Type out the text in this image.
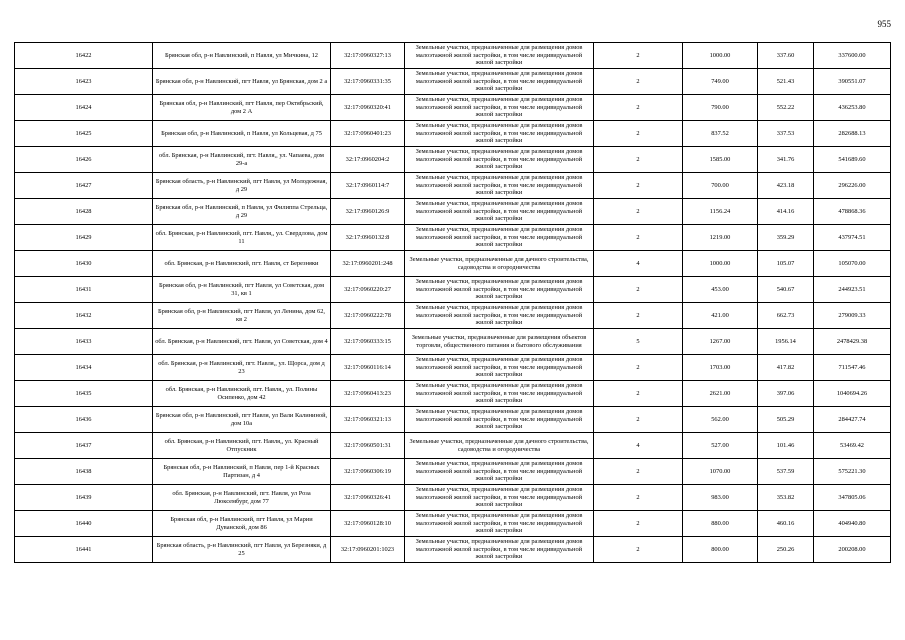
955
16422	Брянская обл, р-н Навлинский, п Навля, ул Мичкина, 12	32:17:0960327:13	Земельные участки, предназначенные для размещения домов малоэтажной жилой застройки, в том числе индивидуальной жилой застройки	2	1000.00	337.60	337600.00
16423	Брянская обл, р-н Навлинский, пгт Навля, ул Брянская, дом 2 а	32:17:0960331:35	Земельные участки, предназначенные для размещения домов малоэтажной жилой застройки, в том числе индивидуальной жилой застройки	2	749.00	521.43	390551.07
16424	Брянская обл, р-н Навлинский, пгт Навля, пер Октябрьский, дом 2 А	32:17:0960320:41	Земельные участки, предназначенные для размещения домов малоэтажной жилой застройки, в том числе индивидуальной жилой застройки	2	790.00	552.22	436253.80
16425	Брянская обл, р-н Навлинский, п Навля, ул Кольцевая, д 75	32:17:0960401:23	Земельные участки, предназначенные для размещения домов малоэтажной жилой застройки, в том числе индивидуальной жилой застройки	2	837.52	337.53	282688.13
16426	обл. Брянская, р-н Навлинский, пгт. Навля,, ул. Чапаева, дом 29-а	32:17:0960204:2	Земельные участки, предназначенные для размещения домов малоэтажной жилой застройки, в том числе индивидуальной жилой застройки	2	1585.00	341.76	541689.60
16427	Брянская область, р-н Навлинский, пгт Навля, ул Молодежная, д 29	32:17:0960114:7	Земельные участки, предназначенные для размещения домов малоэтажной жилой застройки, в том числе индивидуальной жилой застройки	2	700.00	423.18	296226.00
16428	Брянская обл, р-н Навлинский, п Навля, ул Филиппа Стрельца, д 29	32:17:0960126:9	Земельные участки, предназначенные для размещения домов малоэтажной жилой застройки, в том числе индивидуальной жилой застройки	2	1156.24	414.16	478868.36
16429	обл. Брянская, р-н Навлинский, пгт. Навля,, ул. Свердлова, дом 11	32:17:0960132:8	Земельные участки, предназначенные для размещения домов малоэтажной жилой застройки, в том числе индивидуальной жилой застройки	2	1219.00	359.29	437974.51
16430	обл. Брянская, р-н Навлинский, пгт. Навля, ст Березняки	32:17:0960201:248	Земельные участки, предназначенные для дачного строительства, садоводства и огородничества	4	1000.00	105.07	105070.00
16431	Брянская обл, р-н Навлинский, пгт Навля, ул Советская, дом 31, кв 1	32:17:0960220:27	Земельные участки, предназначенные для размещения домов малоэтажной жилой застройки, в том числе индивидуальной жилой застройки	2	453.00	540.67	244923.51
16432	Брянская обл, р-н Навлинский, пгт Навля, ул Ленина, дом 62, кв 2	32:17:0960222:78	Земельные участки, предназначенные для размещения домов малоэтажной жилой застройки, в том числе индивидуальной жилой застройки	2	421.00	662.73	279009.33
16433	обл. Брянская, р-н Навлинский, пгт. Навля, ул Советская, дом 4	32:17:0960333:15	Земельные участки, предназначенные для размещения объектов торговли, общественного питания и бытового обслуживания	5	1267.00	1956.14	2478429.38
16434	обл. Брянская, р-н Навлинский, пгт. Навля,, ул. Щорса, дом д 23	32:17:0960116:14	Земельные участки, предназначенные для размещения домов малоэтажной жилой застройки, в том числе индивидуальной жилой застройки	2	1703.00	417.82	711547.46
16435	обл. Брянская, р-н Навлинский, пгт. Навля,, ул. Полины Осипенко, дом 42	32:17:0960413:23	Земельные участки, предназначенные для размещения домов малоэтажной жилой застройки, в том числе индивидуальной жилой застройки	2	2621.00	397.06	1040694.26
16436	Брянская обл, р-н Навлинский, пгт Навля, ул Вали Калининой, дом 10а	32:17:0960321:13	Земельные участки, предназначенные для размещения домов малоэтажной жилой застройки, в том числе индивидуальной жилой застройки	2	562.00	505.29	284427.74
16437	обл. Брянская, р-н Навлинский, пгт. Навля,, ул. Красный Отпускник	32:17:0960501:31	Земельные участки, предназначенные для дачного строительства, садоводства и огородничества	4	527.00	101.46	53469.42
16438	Брянская обл, р-н Навлинский, п Навля, пер 1-й Красных Партизан, д 4	32:17:0960306:19	Земельные участки, предназначенные для размещения домов малоэтажной жилой застройки, в том числе индивидуальной жилой застройки	2	1070.00	537.59	575221.30
16439	обл. Брянская, р-н Навлинский, пгт. Навля, ул Роза Люксембург, дом 77	32:17:0960326:41	Земельные участки, предназначенные для размещения домов малоэтажной жилой застройки, в том числе индивидуальной жилой застройки	2	983.00	353.82	347805.06
16440	Брянская обл, р-н Навлинский, пгт Навля, ул Марии Дуванской, дом 86	32:17:0960128:10	Земельные участки, предназначенные для размещения домов малоэтажной жилой застройки, в том числе индивидуальной жилой застройки	2	880.00	460.16	404940.80
16441	Брянская область, р-н Навлинский, пгт Навля, ул Березняки, д 25	32:17:0960201:1023	Земельные участки, предназначенные для размещения домов малоэтажной жилой застройки, в том числе индивидуальной жилой застройки	2	800.00	250.26	200208.00
